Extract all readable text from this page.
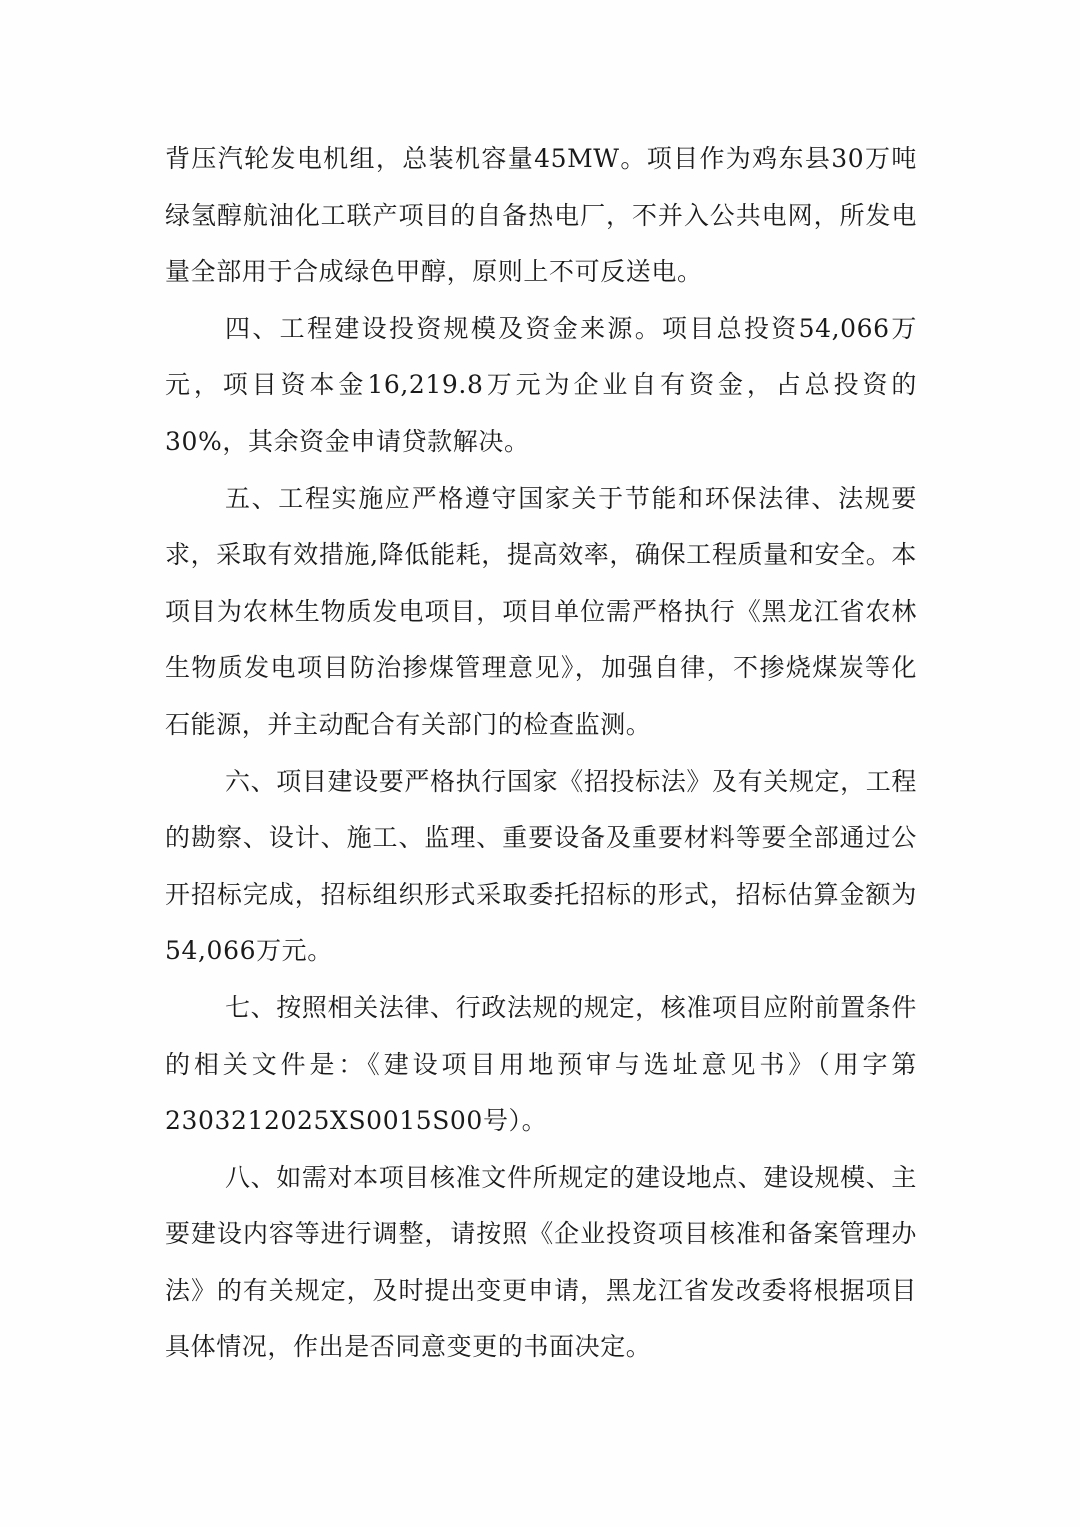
背压汽轮发电机组，总装机容量45MW。项目作为鸡东县30万吨绿氢醇航油化工联产项目的自备热电厂，不并入公共电网，所发电量全部用于合成绿色甲醇，原则上不可反送电。

四、工程建设投资规模及资金来源。项目总投资54,066万元，项目资本金16,219.8万元为企业自有资金，占总投资的30%，其余资金申请贷款解决。

五、工程实施应严格遵守国家关于节能和环保法律、法规要求，采取有效措施,降低能耗，提高效率，确保工程质量和安全。本项目为农林生物质发电项目，项目单位需严格执行《黑龙江省农林生物质发电项目防治掺煤管理意见》，加强自律，不掺烧煤炭等化石能源，并主动配合有关部门的检查监测。

六、项目建设要严格执行国家《招投标法》及有关规定，工程的勘察、设计、施工、监理、重要设备及重要材料等要全部通过公开招标完成，招标组织形式采取委托招标的形式，招标估算金额为54,066万元。

七、按照相关法律、行政法规的规定，核准项目应附前置条件的相关文件是：《建设项目用地预审与选址意见书》（用字第2303212025XS0015S00号）。

八、如需对本项目核准文件所规定的建设地点、建设规模、主要建设内容等进行调整，请按照《企业投资项目核准和备案管理办法》的有关规定，及时提出变更申请，黑龙江省发改委将根据项目具体情况，作出是否同意变更的书面决定。
